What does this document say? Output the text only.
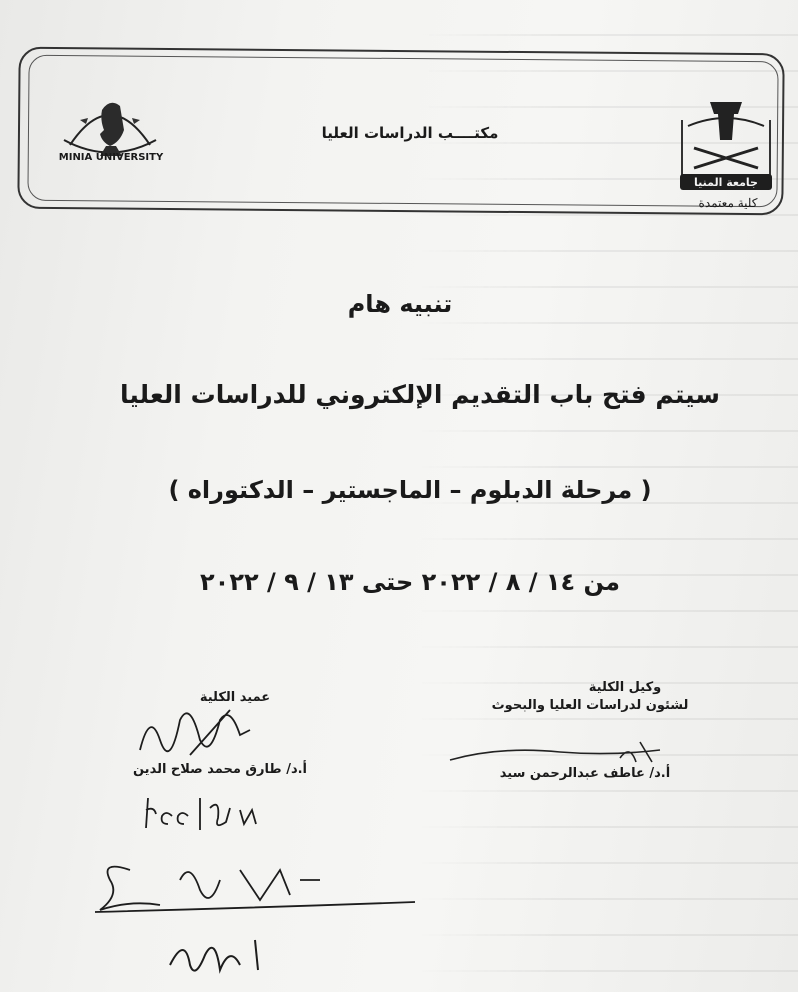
MINIA UNIVERSITY
مكتــــب الدراسات العليا
جامعة المنيا
كلية معتمدة
تنبيه هام
سيتم فتح باب التقديم الإلكتروني للدراسات العليا
( مرحلة الدبلوم – الماجستير – الدكتوراه )
من ١٤ / ٨ / ٢٠٢٢ حتى ١٣ / ٩ / ٢٠٢٢
وكيل الكلية
لشئون لدراسات العليا والبحوث
أ.د/ عاطف عبدالرحمن سيد
عميد الكلية
أ.د/ طارق محمد صلاح الدين
